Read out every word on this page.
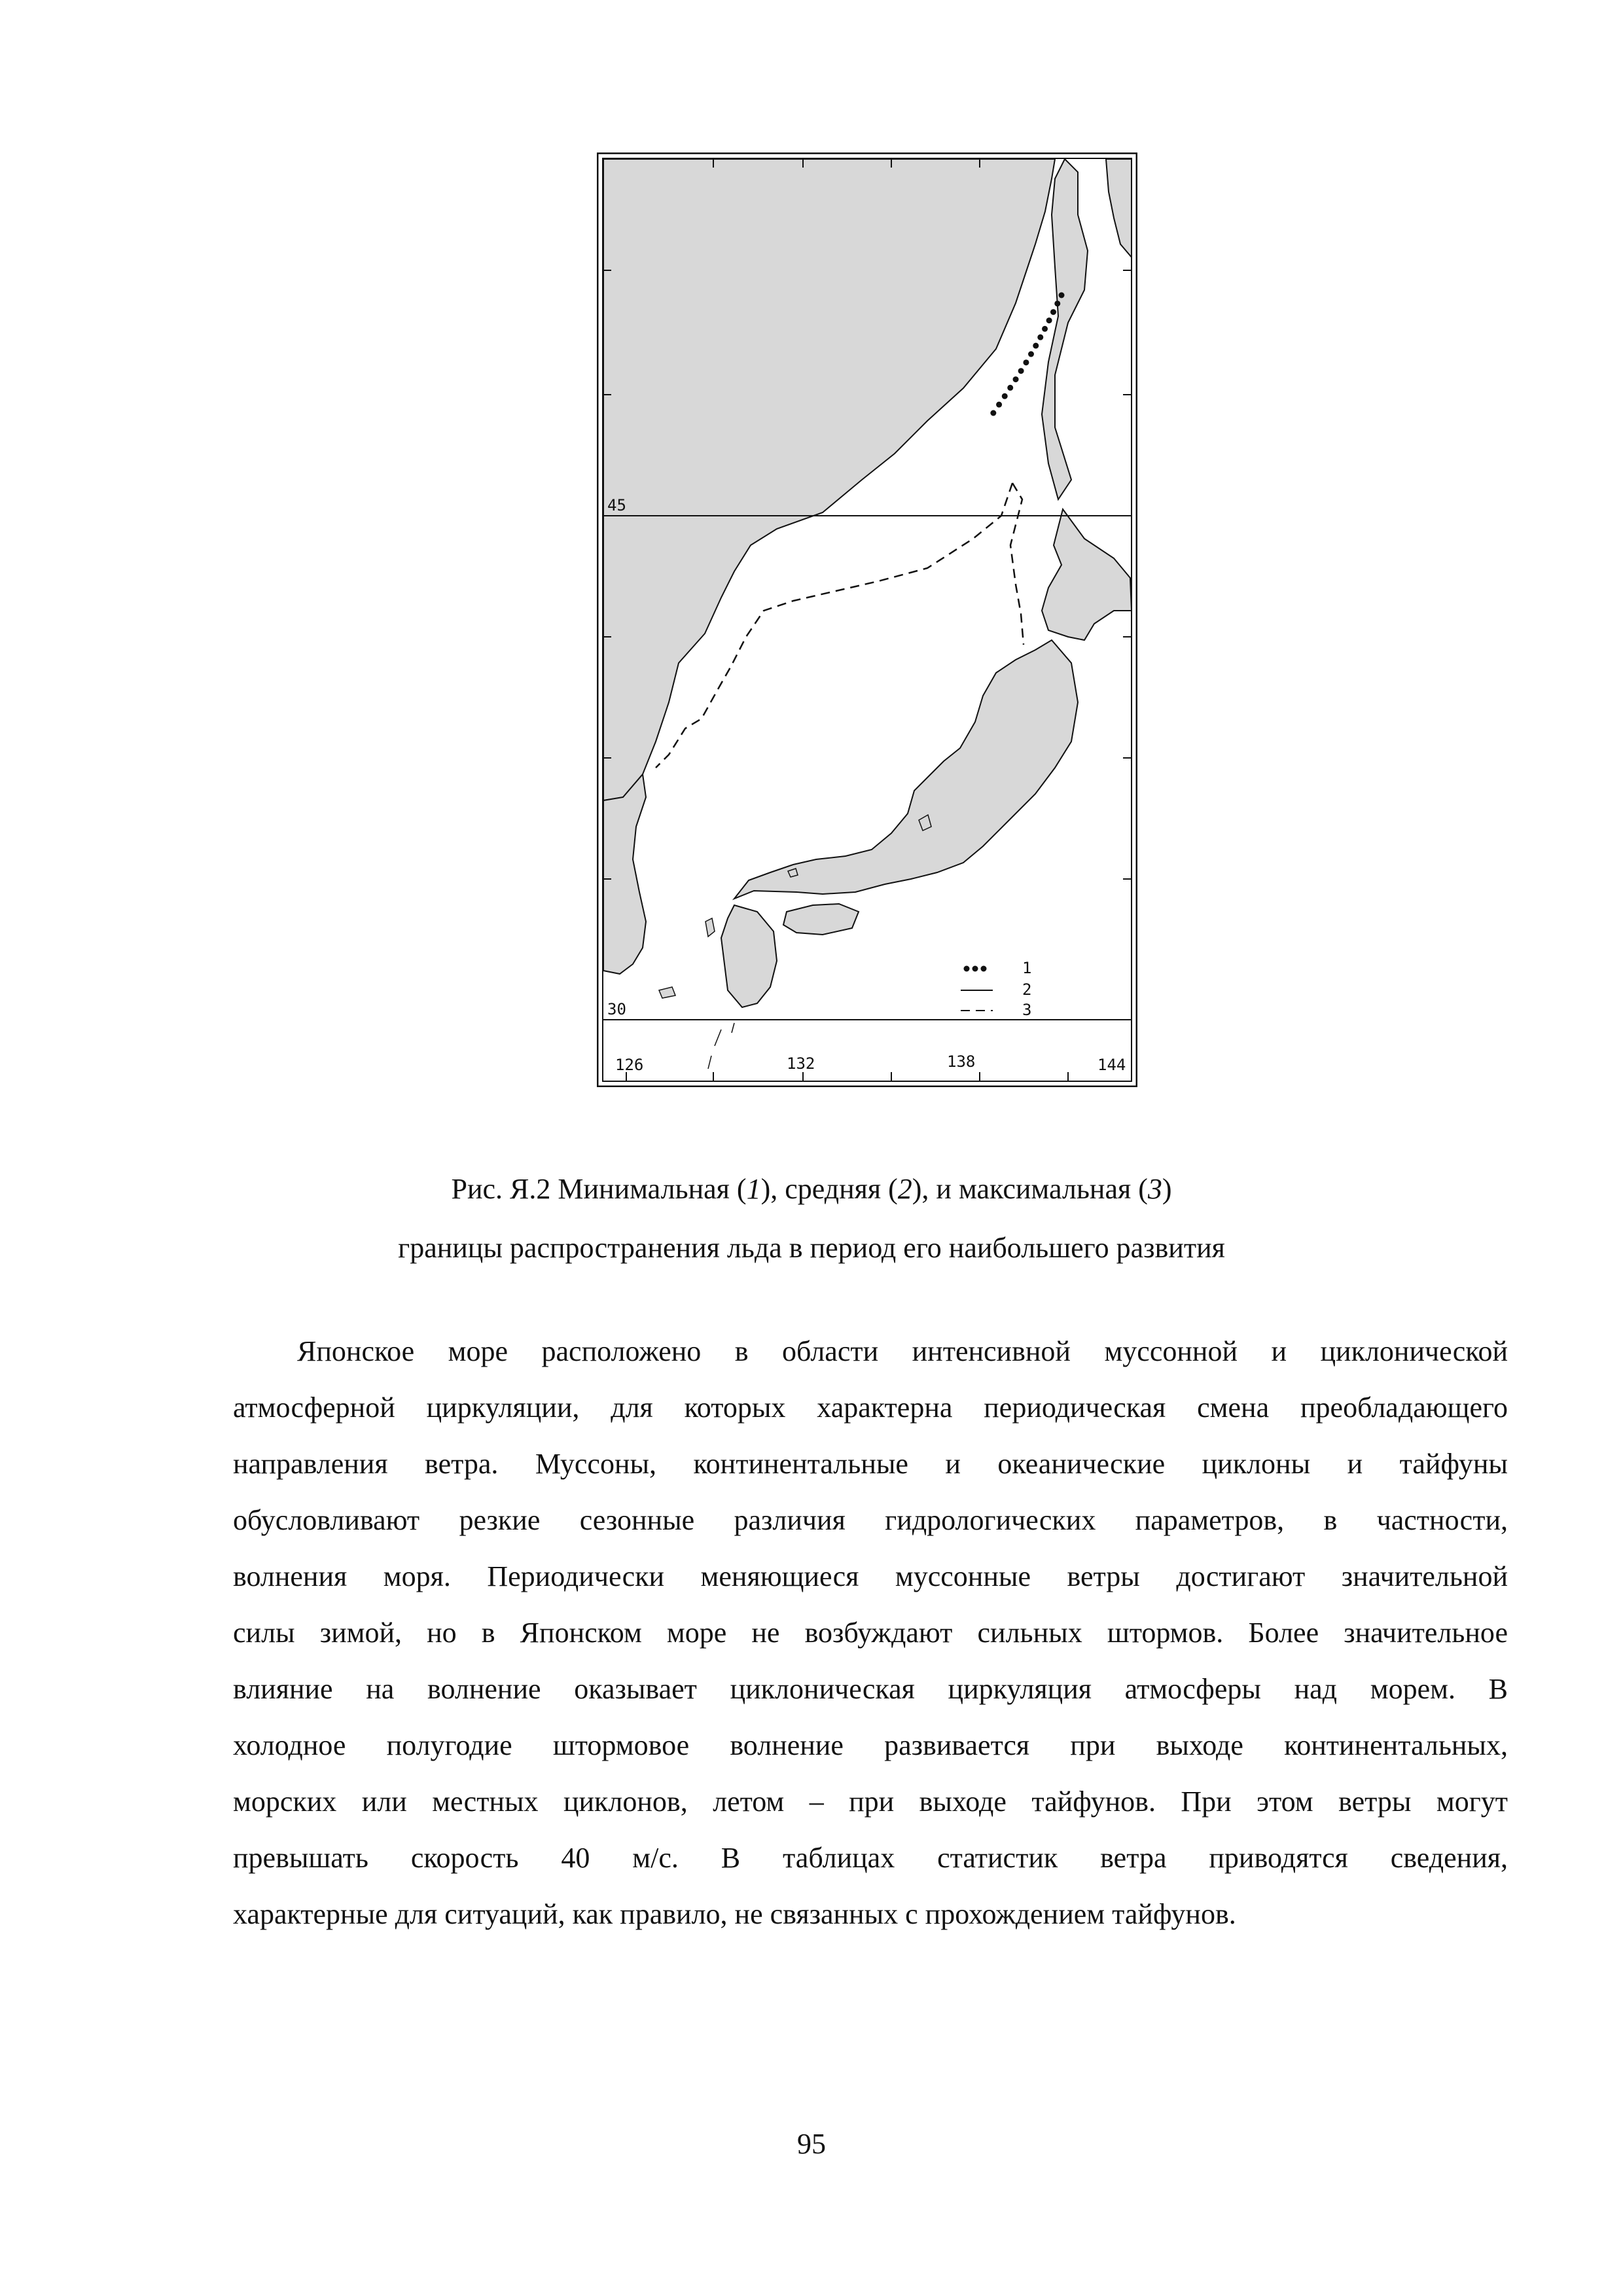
45
30
126	132	138	144
1
2
3
Рис. Я.2 Минимальная (1), средняя (2), и максимальная (3)
границы распространения льда в период его наибольшего развития
Японское море расположено в области интенсивной муссонной и циклонической
атмосферной циркуляции, для которых характерна периодическая смена преобладающего
направления ветра. Муссоны, континентальные и океанические циклоны и тайфуны
обусловливают резкие сезонные различия гидрологических параметров, в частности,
волнения моря. Периодически меняющиеся муссонные ветры достигают значительной
силы зимой, но в Японском море не возбуждают сильных штормов. Более значительное
влияние на волнение оказывает циклоническая циркуляция атмосферы над морем. В
холодное полугодие штормовое волнение развивается при выходе континентальных,
морских или местных циклонов, летом – при выходе тайфунов. При этом ветры могут
превышать скорость 40 м/с. В таблицах статистик ветра приводятся сведения,
характерные для ситуаций, как правило, не связанных с прохождением тайфунов.
95
